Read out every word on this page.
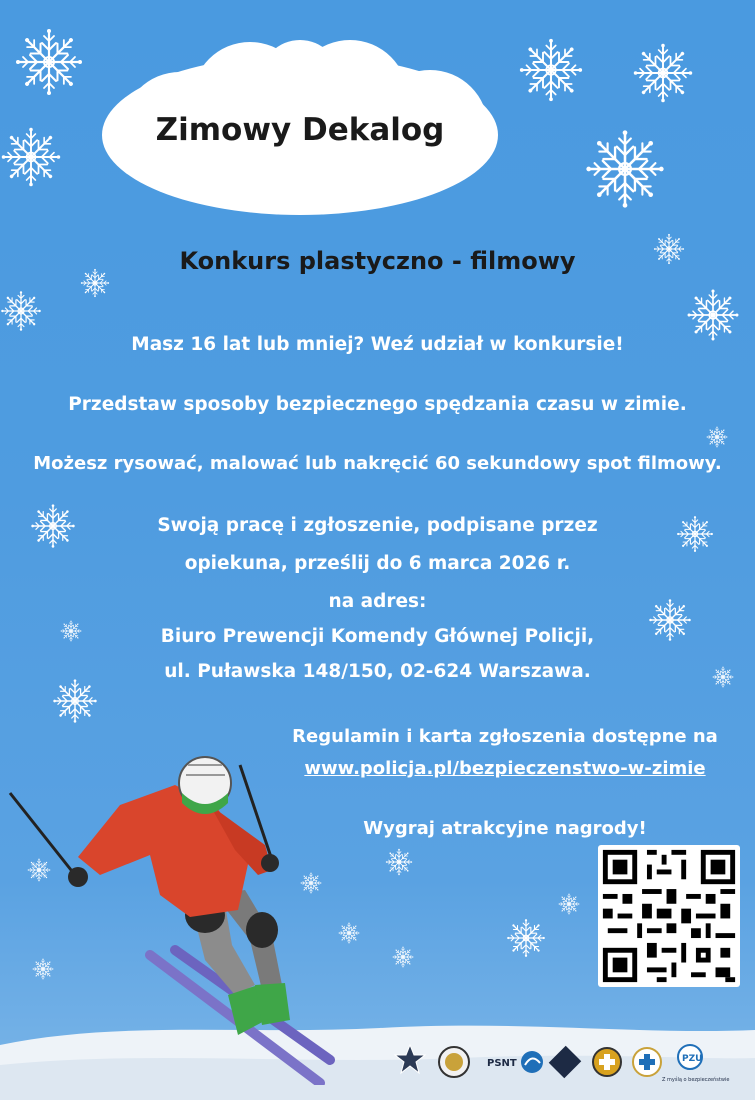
Zimowy Dekalog
Konkurs plastyczno - filmowy
Masz 16 lat lub mniej? Weź udział w konkursie!
Przedstaw sposoby bezpiecznego spędzania czasu w zimie.
Możesz rysować, malować lub nakręcić 60 sekundowy spot filmowy.
Swoją pracę i zgłoszenie, podpisane przez
opiekuna, prześlij do 6 marca 2026 r.
na adres:
Biuro Prewencji Komendy Głównej Policji,
ul. Puławska 148/150, 02-624 Warszawa.
Regulamin i karta zgłoszenia dostępne na
www.policja.pl/bezpieczenstwo-w-zimie
Wygraj atrakcyjne nagrody!
PSNT	PZU
Z myślą o bezpieczeństwie
